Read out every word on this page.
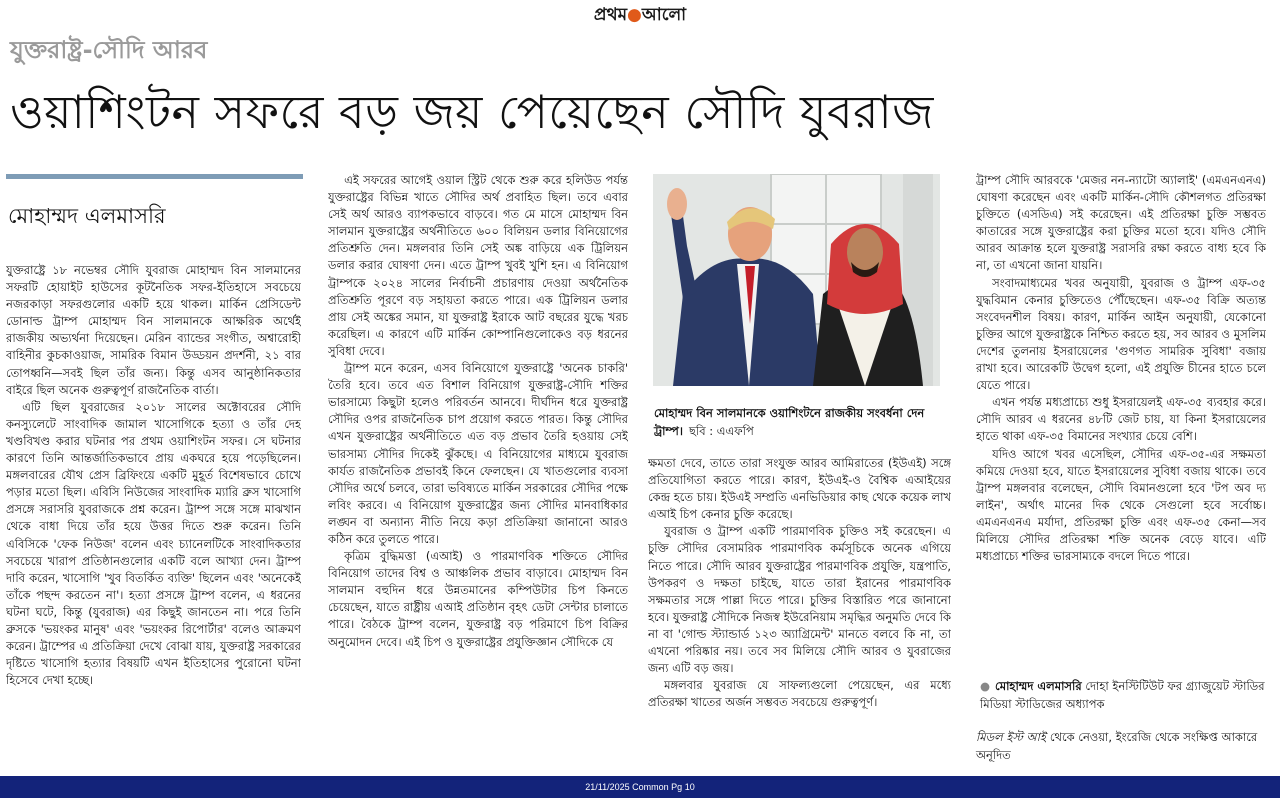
প্রথম●আলো
যুক্তরাষ্ট্র-সৌদি আরব
ওয়াশিংটন সফরে বড় জয় পেয়েছেন সৌদি যুবরাজ
মোহাম্মদ এলমাসরি

যুক্তরাষ্ট্রে ১৮ নভেম্বর সৌদি যুবরাজ মোহাম্মদ বিন সালমানের সফরটি হোয়াইট হাউসের কূটনৈতিক সফর-ইতিহাসে সবচেয়ে নজরকাড়া সফরগুলোর একটি হয়ে থাকল। মার্কিন প্রেসিডেন্ট ডোনাল্ড ট্রাম্প মোহাম্মদ বিন সালমানকে আক্ষরিক অর্থেই রাজকীয় অভ্যর্থনা দিয়েছেন। মেরিন ব্যান্ডের সংগীত, অশ্বারোহী বাহিনীর কুচকাওয়াজ, সামরিক বিমান উড্ডয়ন প্রদর্শনী, ২১ বার তোপধ্বনি—সবই ছিল তাঁর জন্য। কিন্তু এসব আনুষ্ঠানিকতার বাইরে ছিল অনেক গুরুত্বপূর্ণ রাজনৈতিক বার্তা।

এটি ছিল যুবরাজের ২০১৮ সালের অক্টোবরের সৌদি কনস্যুলেটে সাংবাদিক জামাল খাসোগিকে হত্যা ও তাঁর দেহ খণ্ডবিখণ্ড করার ঘটনার পর প্রথম ওয়াশিংটন সফর। সে ঘটনার কারণে তিনি আন্তর্জাতিকভাবে প্রায় একঘরে হয়ে পড়েছিলেন। মঙ্গলবারের যৌথ প্রেস ব্রিফিংয়ে একটি মুহূর্ত বিশেষভাবে চোখে পড়ার মতো ছিল। এবিসি নিউজের সাংবাদিক ম্যারি ব্রুস খাসোগি প্রসঙ্গে সরাসরি যুবরাজকে প্রশ্ন করেন। ট্রাম্প সঙ্গে সঙ্গে মাঝখান থেকে বাধা দিয়ে তাঁর হয়ে উত্তর দিতে শুরু করেন। তিনি এবিসিকে 'ফেক নিউজ' বলেন এবং চ্যানেলটিকে সাংবাদিকতার সবচেয়ে খারাপ প্রতিষ্ঠানগুলোর একটি বলে আখ্যা দেন। ট্রাম্প দাবি করেন, খাসোগি 'খুব বিতর্কিত ব্যক্তি' ছিলেন এবং 'অনেকেই তাঁকে পছন্দ করতেন না'। হত্যা প্রসঙ্গে ট্রাম্প বলেন, এ ধরনের ঘটনা ঘটে, কিন্তু (যুবরাজ) এর কিছুই জানতেন না। পরে তিনি ব্রুসকে 'ভয়ংকর মানুষ' এবং 'ভয়ংকর রিপোর্টার' বলেও আক্রমণ করেন। ট্রাম্পের এ প্রতিক্রিয়া দেখে বোঝা যায়, যুক্তরাষ্ট্র সরকারের দৃষ্টিতে খাসোগি হত্যার বিষয়টি এখন ইতিহাসের পুরোনো ঘটনা হিসেবে দেখা হচ্ছে।

এই সফরের আগেই ওয়াল স্ট্রিট থেকে শুরু করে হলিউড পর্যন্ত যুক্তরাষ্ট্রের বিভিন্ন খাতে সৌদির অর্থ প্রবাহিত ছিল। তবে এবার সেই অর্থ আরও ব্যাপকভাবে বাড়বে। গত মে মাসে মোহাম্মদ বিন সালমান যুক্তরাষ্ট্রের অর্থনীতিতে ৬০০ বিলিয়ন ডলার বিনিয়োগের প্রতিশ্রুতি দেন। মঙ্গলবার তিনি সেই অঙ্ক বাড়িয়ে এক ট্রিলিয়ন ডলার করার ঘোষণা দেন। এতে ট্রাম্প খুবই খুশি হন। এ বিনিয়োগ ট্রাম্পকে ২০২৪ সালের নির্বাচনী প্রচারণায় দেওয়া অর্থনৈতিক প্রতিশ্রুতি পূরণে বড় সহায়তা করতে পারে। এক ট্রিলিয়ন ডলার প্রায় সেই অঙ্কের সমান, যা যুক্তরাষ্ট্র ইরাকে আট বছরের যুদ্ধে খরচ করেছিল। এ কারণে এটি মার্কিন কোম্পানিগুলোকেও বড় ধরনের সুবিধা দেবে।

ট্রাম্প মনে করেন, এসব বিনিয়োগে যুক্তরাষ্ট্রে 'অনেক চাকরি' তৈরি হবে। তবে এত বিশাল বিনিয়োগ যুক্তরাষ্ট্র-সৌদি শক্তির ভারসাম্যে কিছুটা হলেও পরিবর্তন আনবে। দীর্ঘদিন ধরে যুক্তরাষ্ট্র সৌদির ওপর রাজনৈতিক চাপ প্রয়োগ করতে পারত। কিন্তু সৌদির এখন যুক্তরাষ্ট্রের অর্থনীতিতে এত বড় প্রভাব তৈরি হওয়ায় সেই ভারসাম্য সৌদির দিকেই ঝুঁকছে। এ বিনিয়োগের মাধ্যমে যুবরাজ কার্যত রাজনৈতিক প্রভাবই কিনে ফেলছেন। যে খাতগুলোর ব্যবসা সৌদির অর্থে চলবে, তারা ভবিষ্যতে মার্কিন সরকারের সৌদির পক্ষে লবিং করবে। এ বিনিয়োগ যুক্তরাষ্ট্রের জন্য সৌদির মানবাধিকার লঙ্ঘন বা অন্যান্য নীতি নিয়ে কড়া প্রতিক্রিয়া জানানো আরও কঠিন করে তুলতে পারে।

কৃত্রিম বুদ্ধিমত্তা (এআই) ও পারমাণবিক শক্তিতে সৌদির বিনিয়োগ তাদের বিশ্ব ও আঞ্চলিক প্রভাব বাড়াবে। মোহাম্মদ বিন সালমান বহুদিন ধরে উন্নতমানের কম্পিউটার চিপ কিনতে চেয়েছেন, যাতে রাষ্ট্রীয় এআই প্রতিষ্ঠান বৃহৎ ডেটা সেন্টার চালাতে পারে। বৈঠকে ট্রাম্প বলেন, যুক্তরাষ্ট্র বড় পরিমাণে চিপ বিক্রির অনুমোদন দেবে। এই চিপ ও যুক্তরাষ্ট্রের প্রযুক্তিজ্ঞান সৌদিকে যে

মোহাম্মদ বিন সালমানকে ওয়াশিংটনে রাজকীয় সংবর্ধনা দেন ট্রাম্প। ছবি : এএফপি

ক্ষমতা দেবে, তাতে তারা সংযুক্ত আরব আমিরাতের (ইউএই) সঙ্গে প্রতিযোগিতা করতে পারে। কারণ, ইউএই-ও বৈশ্বিক এআইয়ের কেন্দ্র হতে চায়। ইউএই সম্প্রতি এনভিডিয়ার কাছ থেকে কয়েক লাখ এআই চিপ কেনার চুক্তি করেছে।

যুবরাজ ও ট্রাম্প একটি পারমাণবিক চুক্তিও সই করেছেন। এ চুক্তি সৌদির বেসামরিক পারমাণবিক কর্মসূচিকে অনেক এগিয়ে নিতে পারে। সৌদি আরব যুক্তরাষ্ট্রের পারমাণবিক প্রযুক্তি, যন্ত্রপাতি, উপকরণ ও দক্ষতা চাইছে, যাতে তারা ইরানের পারমাণবিক সক্ষমতার সঙ্গে পাল্লা দিতে পারে। চুক্তির বিস্তারিত পরে জানানো হবে। যুক্তরাষ্ট্র সৌদিকে নিজস্ব ইউরেনিয়াম সমৃদ্ধির অনুমতি দেবে কি না বা 'গোল্ড স্ট্যান্ডার্ড ১২৩ অ্যাগ্রিমেন্ট' মানতে বলবে কি না, তা এখনো পরিষ্কার নয়। তবে সব মিলিয়ে সৌদি আরব ও যুবরাজের জন্য এটি বড় জয়।

মঙ্গলবার যুবরাজ যে সাফল্যগুলো পেয়েছেন, এর মধ্যে প্রতিরক্ষা খাতের অর্জন সম্ভবত সবচেয়ে গুরুত্বপূর্ণ।

ট্রাম্প সৌদি আরবকে 'মেজর নন-ন্যাটো অ্যালাই' (এমএনএনএ) ঘোষণা করেছেন এবং একটি মার্কিন-সৌদি কৌশলগত প্রতিরক্ষা চুক্তিতে (এসডিএ) সই করেছেন। এই প্রতিরক্ষা চুক্তি সম্ভবত কাতারের সঙ্গে যুক্তরাষ্ট্রের করা চুক্তির মতো হবে। যদিও সৌদি আরব আক্রান্ত হলে যুক্তরাষ্ট্র সরাসরি রক্ষা করতে বাধ্য হবে কি না, তা এখনো জানা যায়নি।

সংবাদমাধ্যমের খবর অনুযায়ী, যুবরাজ ও ট্রাম্প এফ-৩৫ যুদ্ধবিমান কেনার চুক্তিতেও পৌঁছেছেন। এফ-৩৫ বিক্রি অত্যন্ত সংবেদনশীল বিষয়। কারণ, মার্কিন আইন অনুযায়ী, যেকোনো চুক্তির আগে যুক্তরাষ্ট্রকে নিশ্চিত করতে হয়, সব আরব ও মুসলিম দেশের তুলনায় ইসরায়েলের 'গুণগত সামরিক সুবিধা' বজায় রাখা হবে। আরেকটি উদ্বেগ হলো, এই প্রযুক্তি চীনের হাতে চলে যেতে পারে।

এখন পর্যন্ত মধ্যপ্রাচ্যে শুধু ইসরায়েলই এফ-৩৫ ব্যবহার করে। সৌদি আরব এ ধরনের ৪৮টি জেট চায়, যা কিনা ইসরায়েলের হাতে থাকা এফ-৩৫ বিমানের সংখ্যার চেয়ে বেশি।

যদিও আগে খবর এসেছিল, সৌদির এফ-৩৫-এর সক্ষমতা কমিয়ে দেওয়া হবে, যাতে ইসরায়েলের সুবিধা বজায় থাকে। তবে ট্রাম্প মঙ্গলবার বলেছেন, সৌদি বিমানগুলো হবে 'টপ অব দ্য লাইন', অর্থাৎ মানের দিক থেকে সেগুলো হবে সর্বোচ্চ। এমএনএনএ মর্যাদা, প্রতিরক্ষা চুক্তি এবং এফ-৩৫ কেনা—সব মিলিয়ে সৌদির প্রতিরক্ষা শক্তি অনেক বেড়ে যাবে। এটি মধ্যপ্রাচ্যে শক্তির ভারসাম্যকে বদলে দিতে পারে।

● মোহাম্মদ এলমাসরি দোহা ইনস্টিটিউট ফর গ্র্যাজুয়েট স্টাডির মিডিয়া স্টাডিজের অধ্যাপক
মিডল ইস্ট আই থেকে নেওয়া, ইংরেজি থেকে সংক্ষিপ্ত আকারে অনূদিত
21/11/2025 Common Pg 10
